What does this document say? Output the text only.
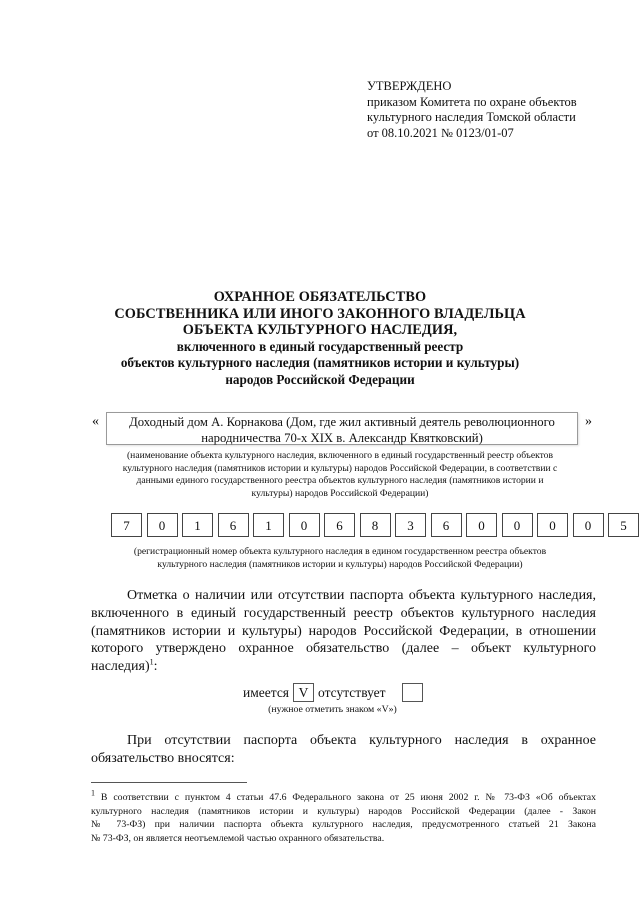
УТВЕРЖДЕНО
приказом Комитета по охране объектов
культурного наследия Томской области
от 08.10.2021 № 0123/01-07
ОХРАННОЕ ОБЯЗАТЕЛЬСТВО
СОБСТВЕННИКА ИЛИ ИНОГО ЗАКОННОГО ВЛАДЕЛЬЦА
ОБЪЕКТА КУЛЬТУРНОГО НАСЛЕДИЯ,
включенного в единый государственный реестр
объектов культурного наследия (памятников истории и культуры)
народов Российской Федерации
«	Доходный дом А. Корнакова (Дом, где жил активный деятель революционного
народничества 70-х XIX в. Александр Квятковский)
»
(наименование объекта культурного наследия, включенного в единый государственный реестр объектов
культурного наследия (памятников истории и культуры) народов Российской Федерации, в соответствии с
данными единого государственного реестра объектов культурного наследия (памятников истории и
культуры) народов Российской Федерации)
7	0	1	6	1	0	6	8	3	6	0	0	0	0	5
(регистрационный номер объекта культурного наследия в едином государственном реестра объектов
культурного наследия (памятников истории и культуры) народов Российской Федерации)
Отметка о наличии или отсутствии паспорта объекта культурного наследия,
включенного в единый государственный реестр объектов культурного наследия
(памятников истории и культуры) народов Российской Федерации, в отношении
которого утверждено охранное обязательство (далее – объект культурного
наследия)$^1$:
имеется V отсутствует
(нужное отметить знаком «V»)
При отсутствии паспорта объекта культурного наследия в охранное
обязательство вносятся:
$^1$ В соответствии с пунктом 4 статьи 47.6 Федерального закона от 25 июня 2002 г. № 73-ФЗ «Об объектах
культурного наследия (памятников истории и культуры) народов Российской Федерации (далее - Закон
№ 73-ФЗ) при наличии паспорта объекта культурного наследия, предусмотренного статьей 21 Закона
№ 73-ФЗ, он является неотъемлемой частью охранного обязательства.
